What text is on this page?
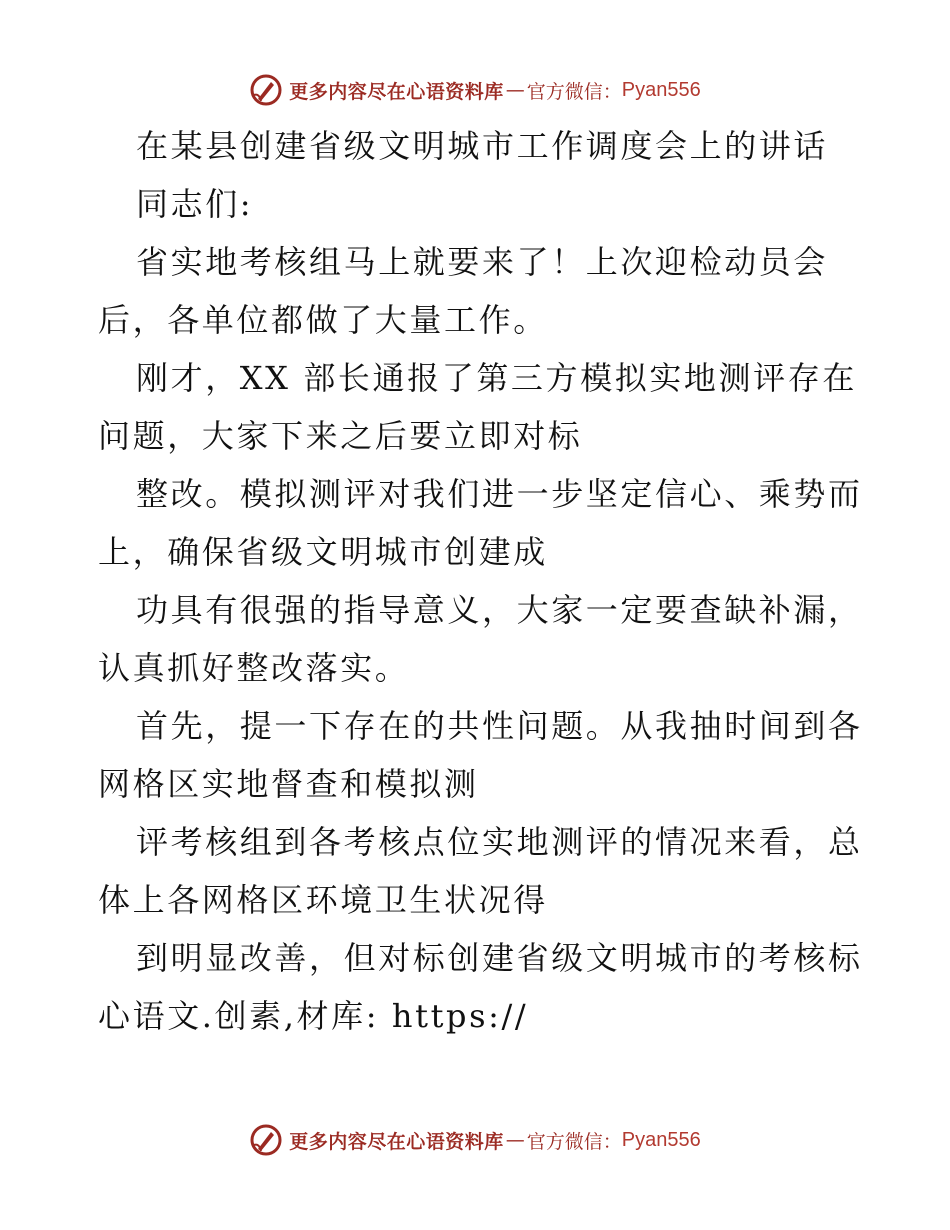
更多内容尽在心语资料库 — 官方微信： Pyan556
在某县创建省级文明城市工作调度会上的讲话
同志们:
省实地考核组马上就要来了！上次迎检动员会
后，各单位都做了大量工作。
刚才，XX 部长通报了第三方模拟实地测评存在
问题，大家下来之后要立即对标
整改。模拟测评对我们进一步坚定信心、乘势而
上，确保省级文明城市创建成
功具有很强的指导意义，大家一定要查缺补漏，
认真抓好整改落实。
首先，提一下存在的共性问题。从我抽时间到各
网格区实地督查和模拟测
评考核组到各考核点位实地测评的情况来看，总
体上各网格区环境卫生状况得
到明显改善，但对标创建省级文明城市的考核标
心语文.创素,材库: https://
更多内容尽在心语资料库 — 官方微信： Pyan556
